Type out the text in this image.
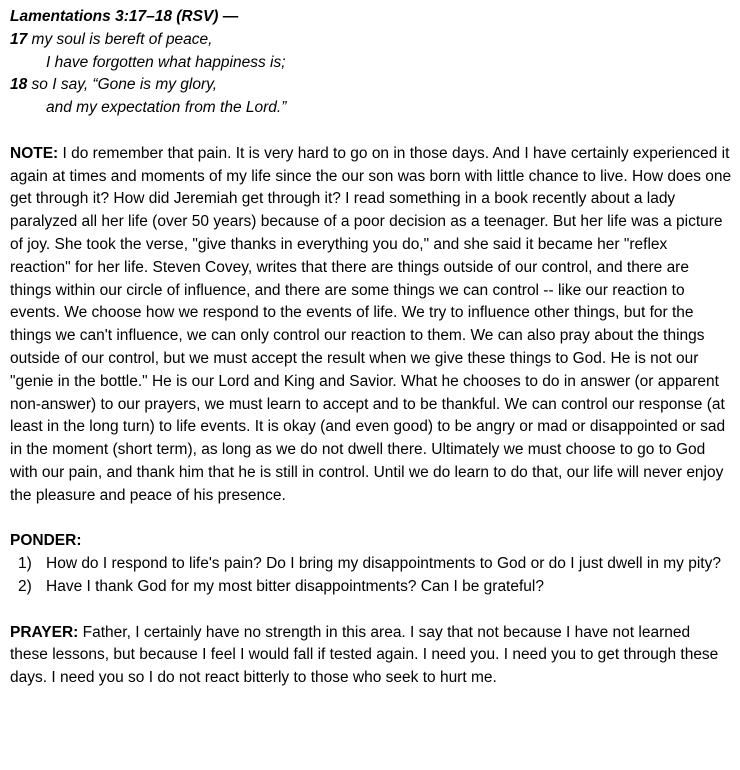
Lamentations 3:17–18 (RSV) —
17 my soul is bereft of peace,
I have forgotten what happiness is;
18 so I say, “Gone is my glory,
and my expectation from the Lord.”

NOTE: I do remember that pain. It is very hard to go on in those days. And I have certainly experienced it again at times and moments of my life since the our son was born with little chance to live. How does one get through it? How did Jeremiah get through it? I read something in a book recently about a lady paralyzed all her life (over 50 years) because of a poor decision as a teenager. But her life was a picture of joy. She took the verse, "give thanks in everything you do," and she said it became her "reflex reaction" for her life. Steven Covey, writes that there are things outside of our control, and there are things within our circle of influence, and there are some things we can control -- like our reaction to events. We choose how we respond to the events of life. We try to influence other things, but for the things we can't influence, we can only control our reaction to them. We can also pray about the things outside of our control, but we must accept the result when we give these things to God. He is not our "genie in the bottle." He is our Lord and King and Savior. What he chooses to do in answer (or apparent non-answer) to our prayers, we must learn to accept and to be thankful. We can control our response (at least in the long turn) to life events. It is okay (and even good) to be angry or mad or disappointed or sad in the moment (short term), as long as we do not dwell there. Ultimately we must choose to go to God with our pain, and thank him that he is still in control. Until we do learn to do that, our life will never enjoy the pleasure and peace of his presence.

PONDER:
1) How do I respond to life's pain? Do I bring my disappointments to God or do I just dwell in my pity?
2) Have I thank God for my most bitter disappointments? Can I be grateful?

PRAYER: Father, I certainly have no strength in this area. I say that not because I have not learned these lessons, but because I feel I would fall if tested again. I need you. I need you to get through these days. I need you so I do not react bitterly to those who seek to hurt me.
